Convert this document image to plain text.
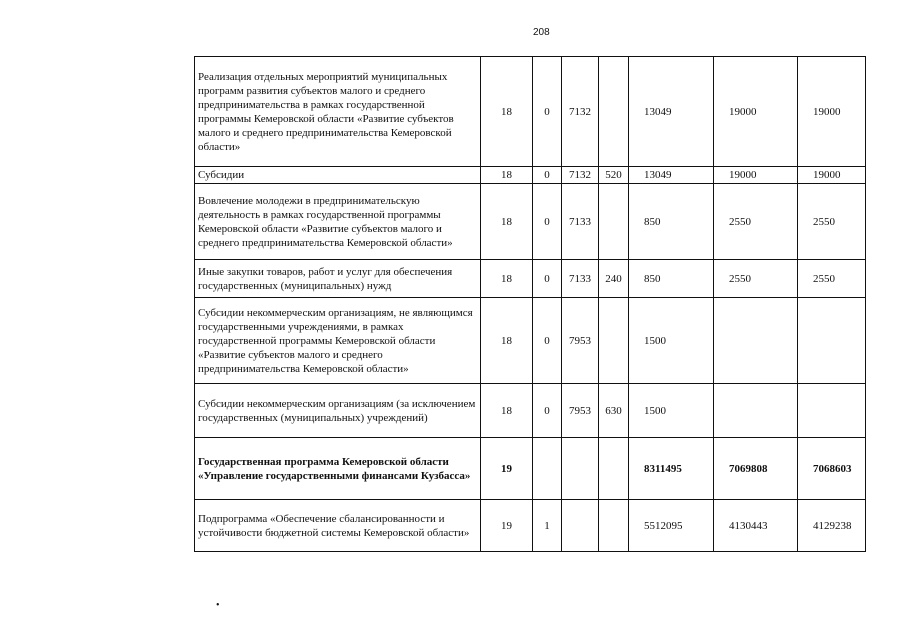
208
Реализация отдельных мероприятий муниципальных программ развития субъектов малого и среднего предпринимательства в рамках государственной программы Кемеровской области «Развитие субъектов малого и среднего предпринимательства Кемеровской области»	18	0	7132		13049	19000	19000
Субсидии	18	0	7132	520	13049	19000	19000
Вовлечение молодежи в предпринимательскую деятельность в рамках государственной программы Кемеровской области «Развитие субъектов малого и среднего предпринимательства Кемеровской области»	18	0	7133		850	2550	2550
Иные закупки товаров, работ и услуг для обеспечения государственных (муниципальных) нужд	18	0	7133	240	850	2550	2550
Субсидии некоммерческим организациям, не являющимся государственными учреждениями, в рамках государственной программы Кемеровской области «Развитие субъектов малого и среднего предпринимательства Кемеровской области»	18	0	7953		1500		
Субсидии некоммерческим организациям (за исключением государственных (муниципальных) учреждений)	18	0	7953	630	1500		
Государственная программа Кемеровской области «Управление государственными финансами Кузбасса»	19				8311495	7069808	7068603
Подпрограмма «Обеспечение сбалансированности и устойчивости бюджетной системы Кемеровской области»	19	1			5512095	4130443	4129238
•
